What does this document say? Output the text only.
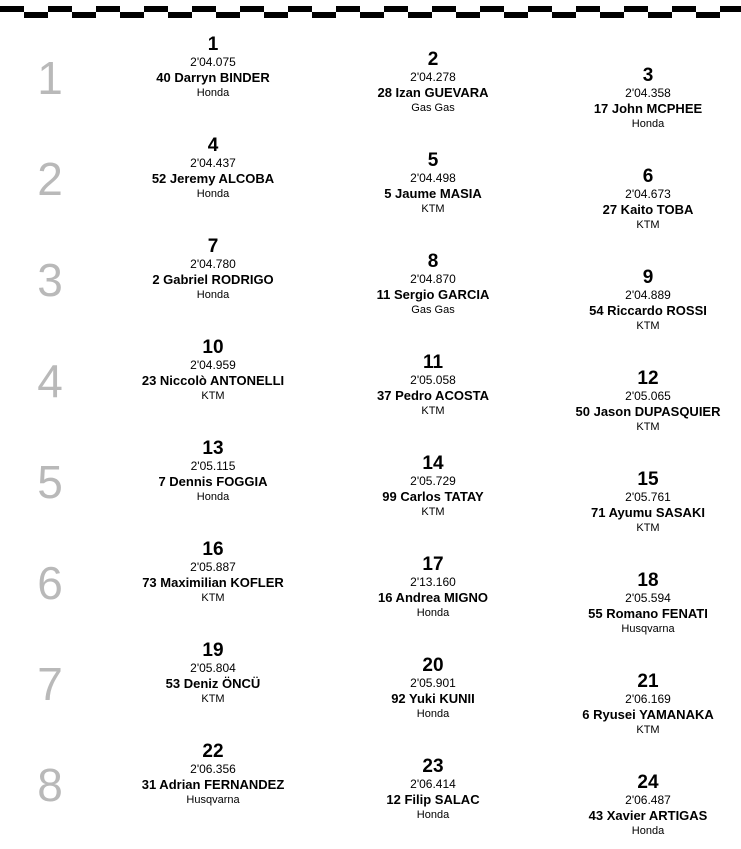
1
2
3
4
5
6
7
8
1
2'04.075
40 Darryn BINDER
Honda
2
2'04.278
28 Izan GUEVARA
Gas Gas
3
2'04.358
17 John MCPHEE
Honda
4
2'04.437
52 Jeremy ALCOBA
Honda
5
2'04.498
5 Jaume MASIA
KTM
6
2'04.673
27 Kaito TOBA
KTM
7
2'04.780
2 Gabriel RODRIGO
Honda
8
2'04.870
11 Sergio GARCIA
Gas Gas
9
2'04.889
54 Riccardo ROSSI
KTM
10
2'04.959
23 Niccolò ANTONELLI
KTM
11
2'05.058
37 Pedro ACOSTA
KTM
12
2'05.065
50 Jason DUPASQUIER
KTM
13
2'05.115
7 Dennis FOGGIA
Honda
14
2'05.729
99 Carlos TATAY
KTM
15
2'05.761
71 Ayumu SASAKI
KTM
16
2'05.887
73 Maximilian KOFLER
KTM
17
2'13.160
16 Andrea MIGNO
Honda
18
2'05.594
55 Romano FENATI
Husqvarna
19
2'05.804
53 Deniz ÖNCÜ
KTM
20
2'05.901
92 Yuki KUNII
Honda
21
2'06.169
6 Ryusei YAMANAKA
KTM
22
2'06.356
31 Adrian FERNANDEZ
Husqvarna
23
2'06.414
12 Filip SALAC
Honda
24
2'06.487
43 Xavier ARTIGAS
Honda
